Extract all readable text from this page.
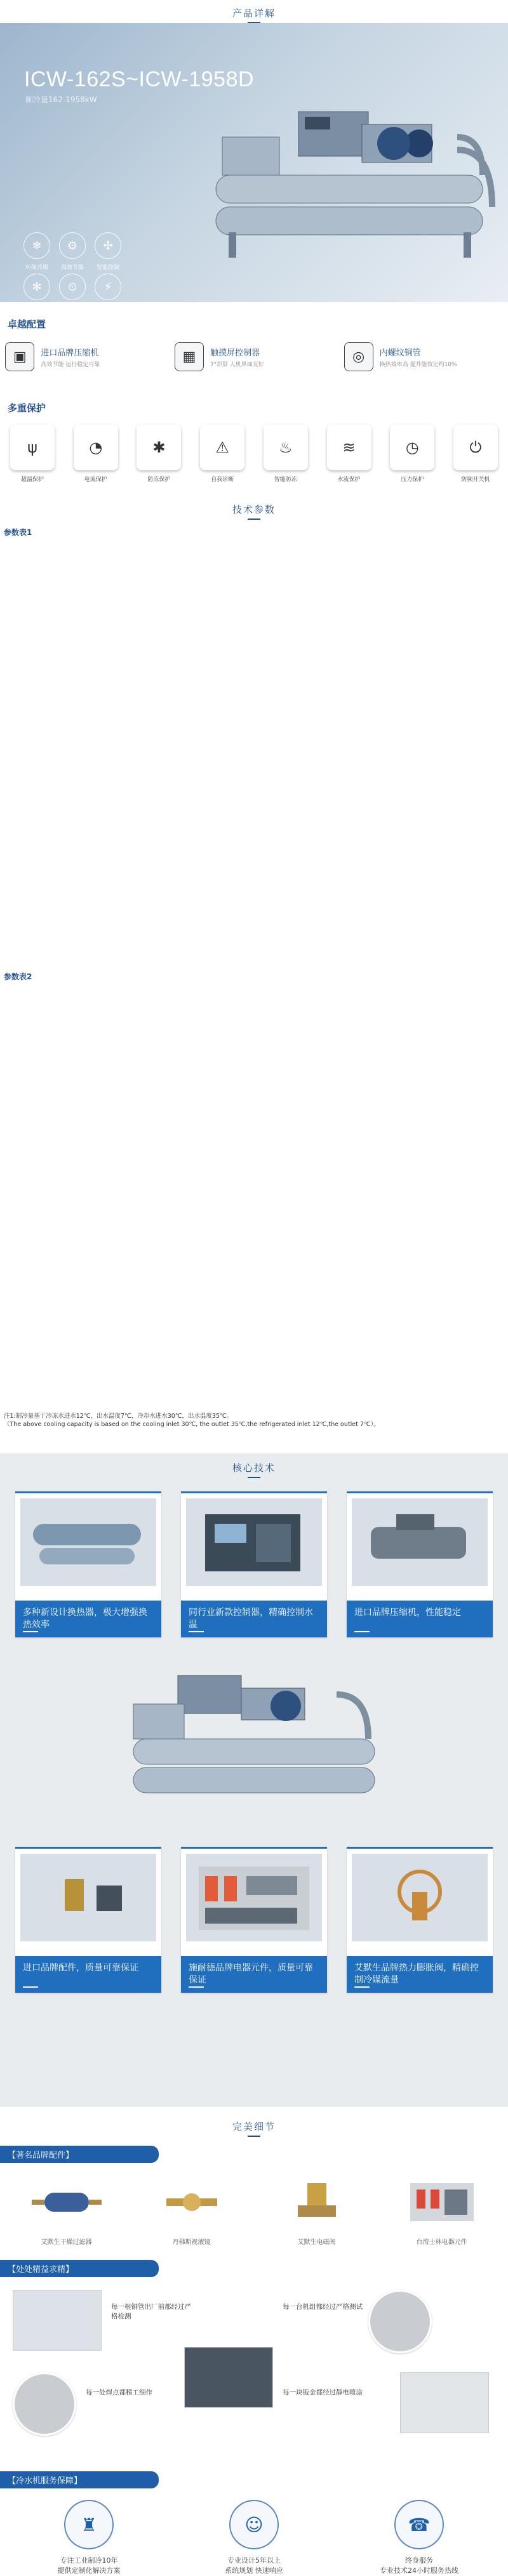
产品详解
ICW-162S~ICW-1958D
制冷量162-1958kW
❄
环保冷媒
⚙
高效节能
✣
智能控制
✻	⏲	⚡
卓越配置
▣	进口品牌压缩机
高效节能 运行稳定可靠	▦	触摸屏控制器
7"彩屏 人机界面友好	◎	内螺纹铜管
换热效率高 提升能效比约10%
多重保护
ψ
超温保护
◔
电流保护
✱
防冻保护
⚠
自我诊断
♨
智能防冻
≋
水流保护
◷
压力保护
⏻
防频开关机
技术参数
参数表1
参数表2
注1:制冷量基于冷冻水进水12℃，出水温度7℃，冷却水进水30℃，出水温度35℃。
（The above cooling capacity is based on the cooling inlet 30℃, the outlet 35℃,the refrigerated inlet 12℃,the outlet 7℃）。
核心技术
多种新设计换热器，极大增强换热效率
同行业新款控制器，精确控制水温
进口品牌压缩机，性能稳定
进口品牌配件，质量可靠保证	施耐德品牌电器元件，质量可靠保证
艾默生品牌热力膨胀阀，精确控制冷媒流量
完美细节
【著名品牌配件】
艾默生干燥过滤器	丹佛斯视液镜	艾默生电磁阀	台湾士林电器元件
【处处精益求精】
每一根铜管出厂前都经过严格检测
每一处焊点都精工细作
每一台机组都经过严格测试
每一块钣金都经过静电喷涂
【冷水机服务保障】
♜
专注工业制冷10年
提供定制化解决方案
☺
专业设计5年以上
系统规划 快速响应
☎
终身服务
专业技术24小时服务热线
